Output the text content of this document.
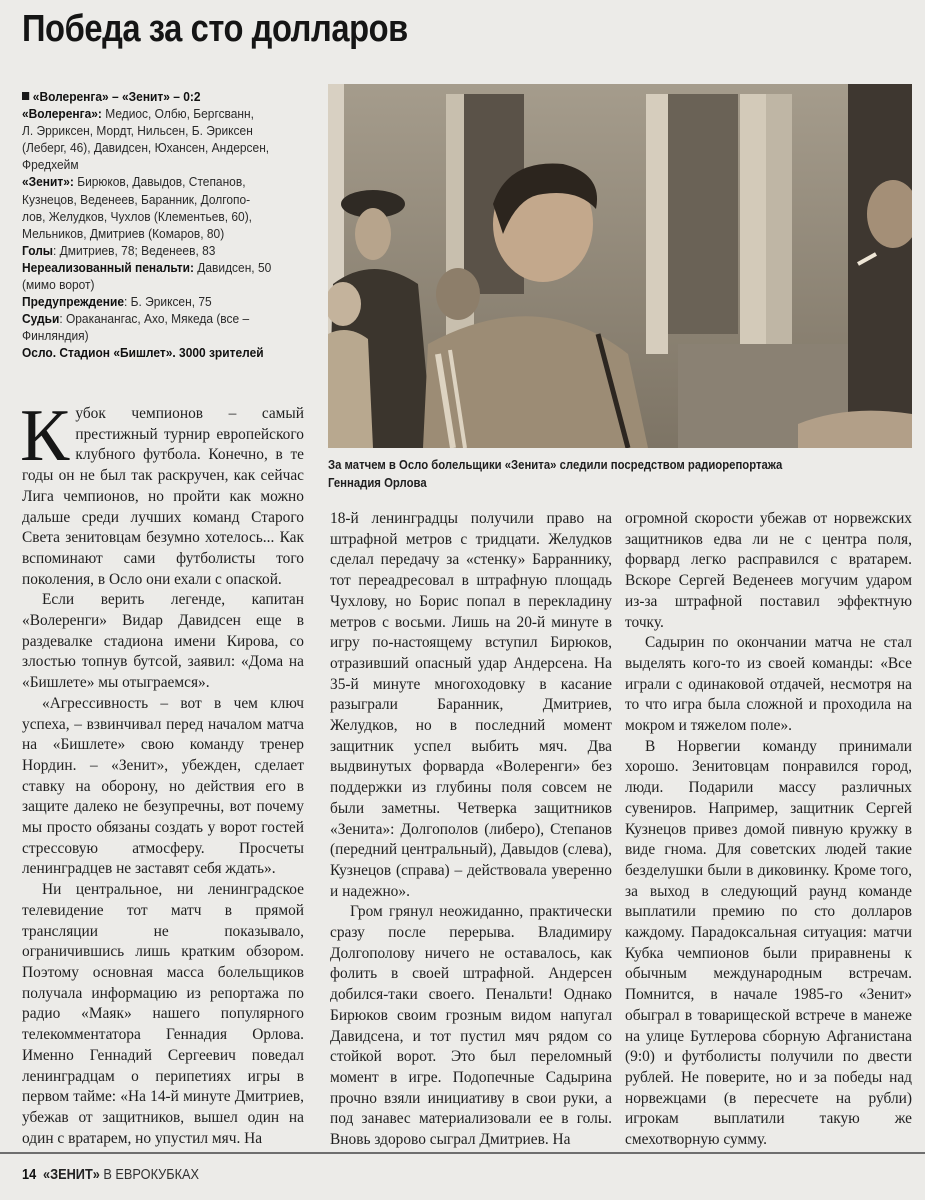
Победа за сто долларов
«Волеренга» – «Зенит» – 0:2
«Волеренга»: Медиос, Олбю, Бергсванн,
Л. Эрриксен, Мордт, Нильсен, Б. Эриксен
(Леберг, 46), Давидсен, Юхансен, Андерсен,
Фредхейм
«Зенит»: Бирюков, Давыдов, Степанов,
Кузнецов, Веденеев, Баранник, Долгопо-
лов, Желудков, Чухлов (Клементьев, 60),
Мельников, Дмитриев (Комаров, 80)
Голы: Дмитриев, 78; Веденеев, 83
Нереализованный пенальти: Давидсен, 50
(мимо ворот)
Предупреждение: Б. Эриксен, 75
Судьи: Ораканангас, Ахо, Мякеда (все –
Финляндия)
Осло. Стадион «Бишлет». 3000 зрителей
За матчем в Осло болельщики «Зенита» следили посредством радиорепортажа
Геннадия Орлова

Кубок чемпионов – самый престижный турнир европейского клубного футбола. Конечно, в те годы он не был так раскручен, как сейчас Лига чемпионов, но пройти как можно дальше среди лучших команд Старого Света зенитовцам безумно хотелось... Как вспоминают сами футболисты того поколения, в Осло они ехали с опаской.

Если верить легенде, капитан «Волеренги» Видар Давидсен еще в раздевалке стадиона имени Кирова, со злостью топнув бутсой, заявил: «Дома на «Бишлете» мы отыграемся».

«Агрессивность – вот в чем ключ успеха, – взвинчивал перед началом матча на «Бишлете» свою команду тренер Нордин. – «Зенит», убежден, сделает ставку на оборону, но действия его в защите далеко не безупречны, вот почему мы просто обязаны создать у ворот гостей стрессовую атмосферу. Просчеты ленинградцев не заставят себя ждать».

Ни центральное, ни ленинградское телевидение тот матч в прямой трансляции не показывало, ограничившись лишь кратким обзором. Поэтому основная масса болельщиков получала информацию из репортажа по радио «Маяк» нашего популярного телекомментатора Геннадия Орлова. Именно Геннадий Сергеевич поведал ленинградцам о перипетиях игры в первом тайме: «На 14-й минуте Дмитриев, убежав от защитников, вышел один на один с вратарем, но упустил мяч. На

18-й ленинградцы получили право на штрафной метров с тридцати. Желудков сделал передачу за «стенку» Баррaннику, тот переадресовал в штрафную площадь Чухлову, но Борис попал в перекладину метров с восьми. Лишь на 20-й минуте в игру по-настоящему вступил Бирюков, отразивший опасный удар Андерсена. На 35-й минуте многоходовку в касание разыграли Баранник, Дмитриев, Желудков, но в последний момент защитник успел выбить мяч. Два выдвинутых форварда «Волеренги» без поддержки из глубины поля совсем не были заметны. Четверка защитников «Зенита»: Долгополов (либеро), Степанов (передний центральный), Давыдов (слева), Кузнецов (справа) – действовала уверенно и надежно».

Гром грянул неожиданно, практически сразу после перерыва. Владимиру Долгополову ничего не оставалось, как фолить в своей штрафной. Андерсен добился-таки своего. Пенальти! Однако Бирюков своим грозным видом напугал Давидсена, и тот пустил мяч рядом со стойкой ворот. Это был переломный момент в игре. Подопечные Садырина прочно взяли инициативу в свои руки, а под занавес материализовали ее в голы. Вновь здорово сыграл Дмитриев. На

огромной скорости убежав от норвежских защитников едва ли не с центра поля, форвард легко расправился с вратарем. Вскоре Сергей Веденеев могучим ударом из-за штрафной поставил эффектную точку.

Садырин по окончании матча не стал выделять кого-то из своей команды: «Все играли с одинаковой отдачей, несмотря на то что игра была сложной и проходила на мокром и тяжелом поле».

В Норвегии команду принимали хорошо. Зенитовцам понравился город, люди. Подарили массу различных сувениров. Например, защитник Сергей Кузнецов привез домой пивную кружку в виде гнома. Для советских людей такие безделушки были в диковинку. Кроме того, за выход в следующий раунд команде выплатили премию по сто долларов каждому. Парадоксальная ситуация: матчи Кубка чемпионов были приравнены к обычным международным встречам. Помнится, в начале 1985-го «Зенит» обыграл в товарищеской встрече в манеже на улице Бутлерова сборную Афганистана (9:0) и футболисты получили по двести рублей. Не поверите, но и за победы над норвежцами (в пересчете на рубли) игрокам выплатили такую же смехотворную сумму.

14 «ЗЕНИТ» В ЕВРОКУБКАХ
